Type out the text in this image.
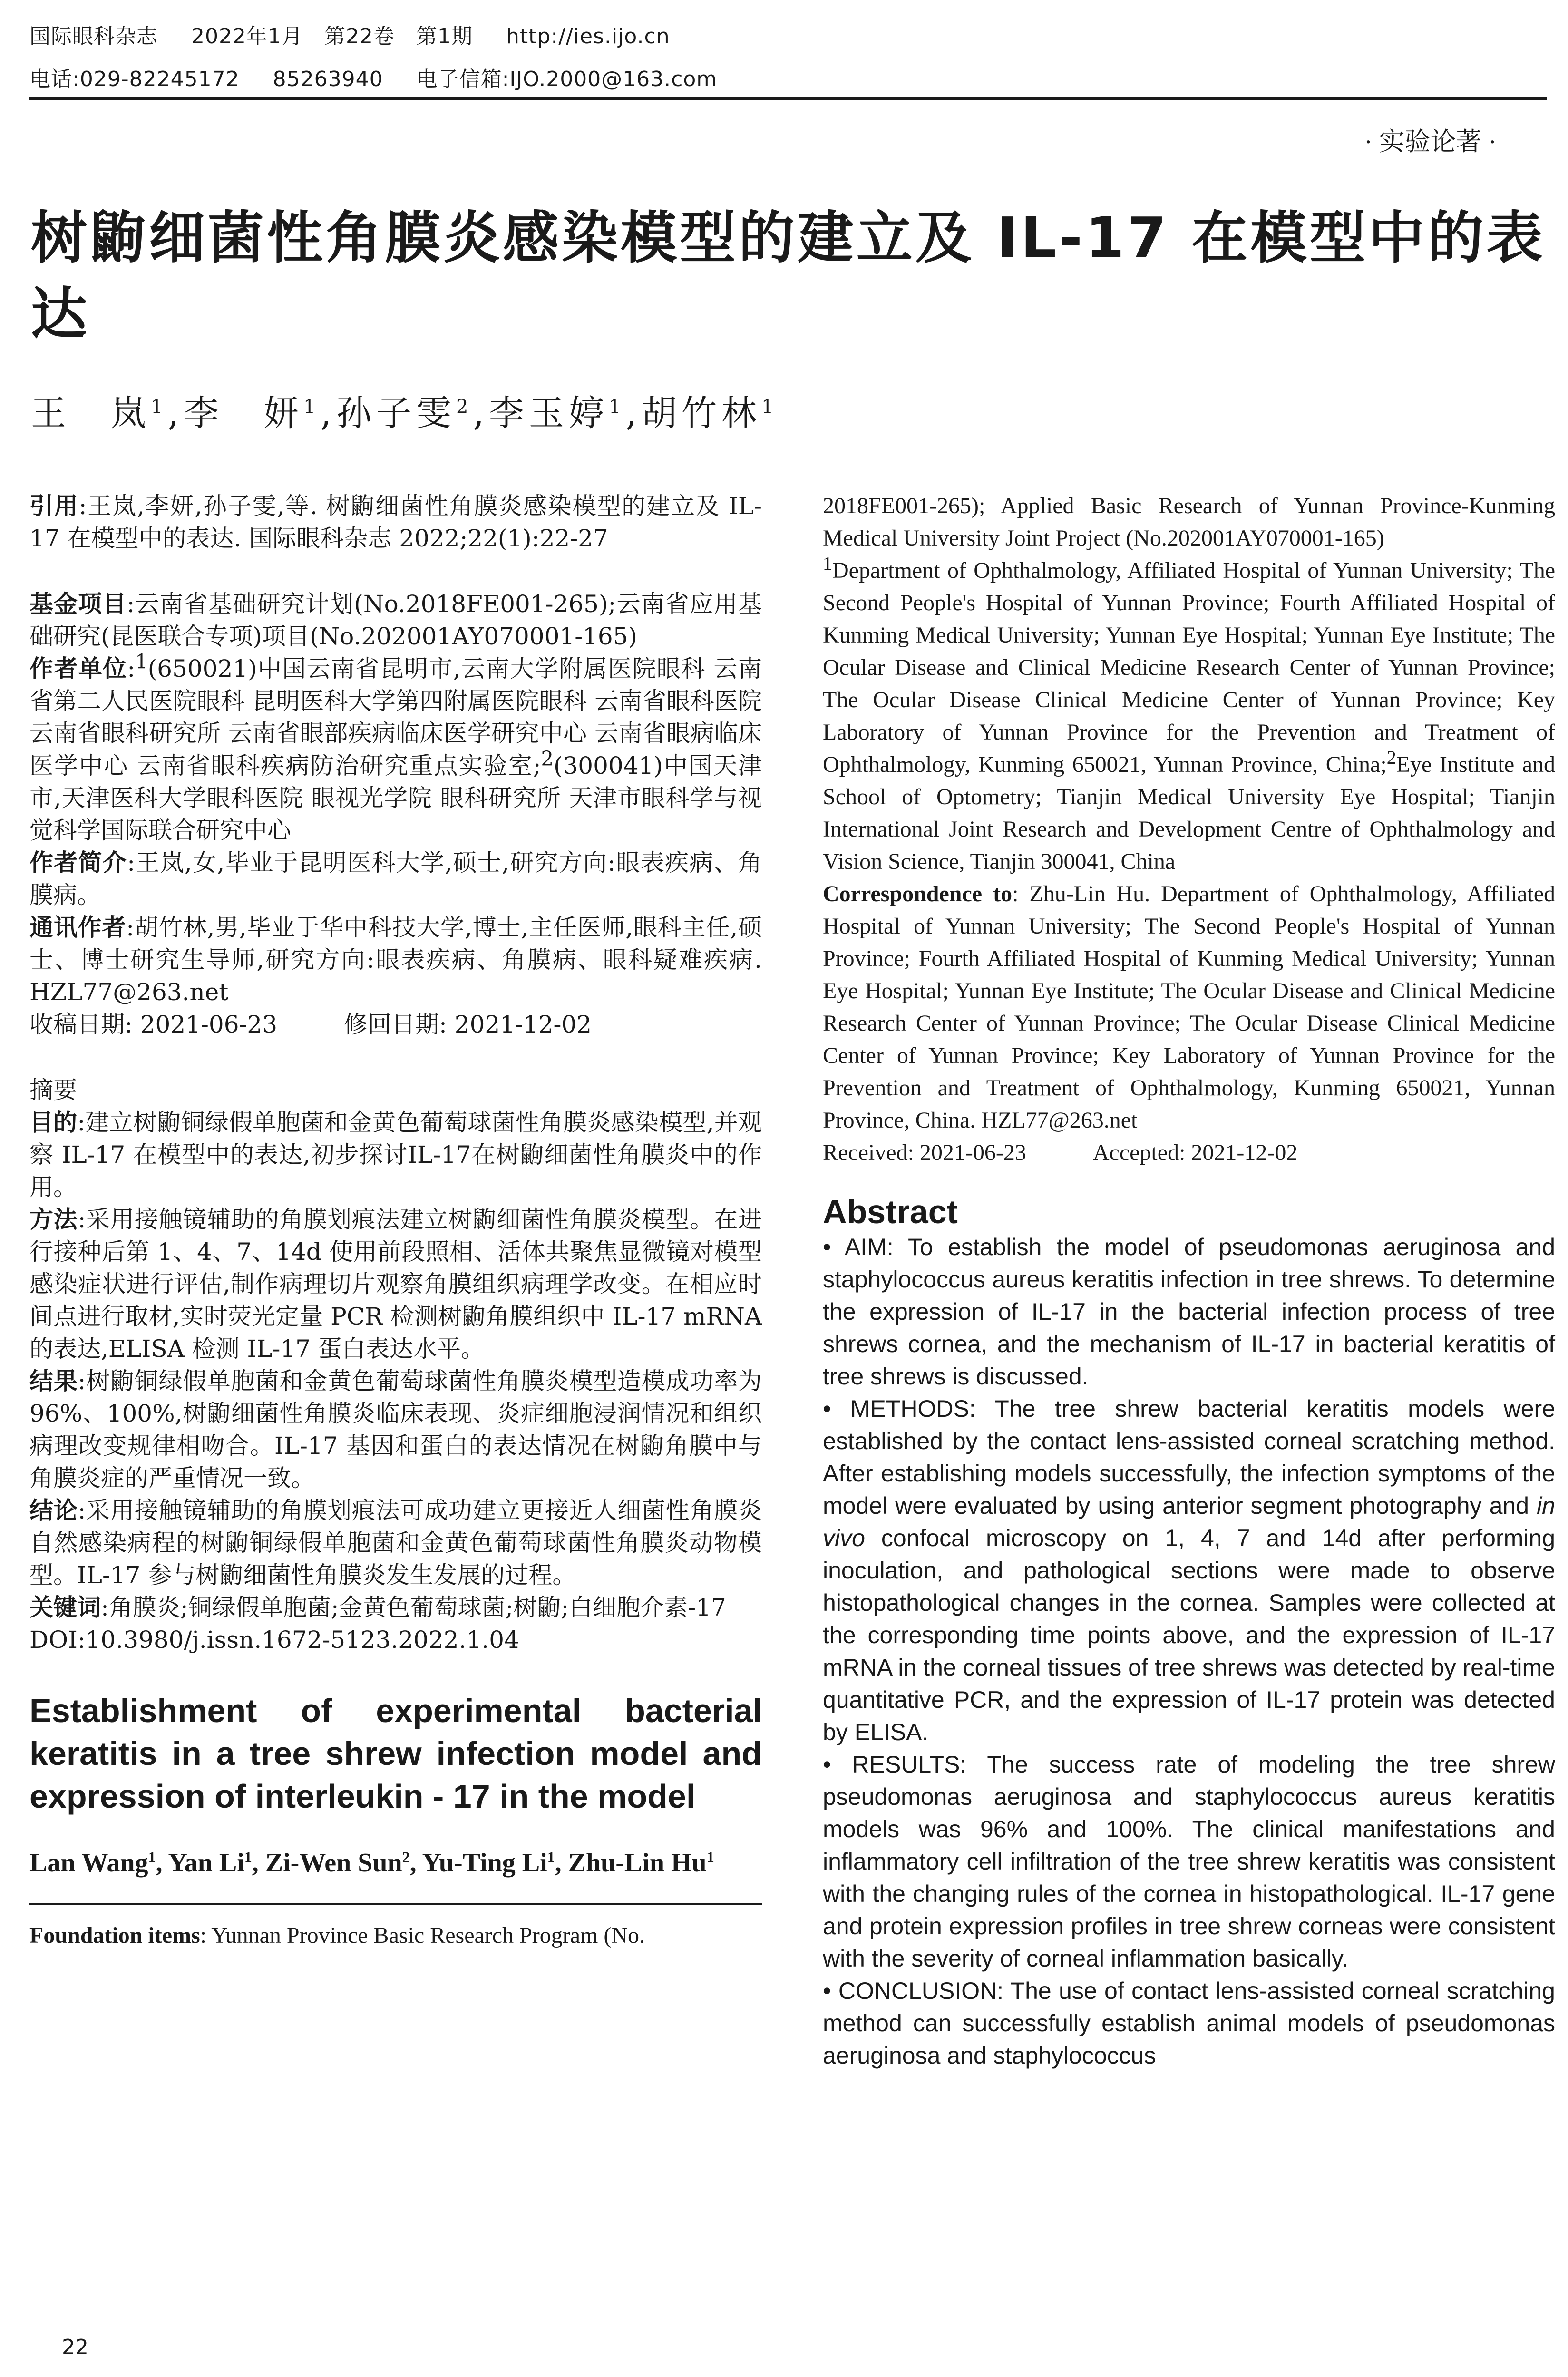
国际眼科杂志 2022年1月　第22卷　第1期 http://ies.ijo.cn
电话:029-82245172 85263940 电子信箱:IJO.2000@163.com
· 实验论著 ·
树鼩细菌性角膜炎感染模型的建立及 IL-17 在模型中的表达
王　岚$^1$,李　妍$^1$,孙子雯$^2$,李玉婷$^1$,胡竹林$^1$
引用:王岚,李妍,孙子雯,等. 树鼩细菌性角膜炎感染模型的建立及 IL-17 在模型中的表达. 国际眼科杂志 2022;22(1):22-27
基金项目:云南省基础研究计划(No.2018FE001-265);云南省应用基础研究(昆医联合专项)项目(No.202001AY070001-165)
作者单位:$^1$(650021)中国云南省昆明市,云南大学附属医院眼科 云南省第二人民医院眼科 昆明医科大学第四附属医院眼科 云南省眼科医院 云南省眼科研究所 云南省眼部疾病临床医学研究中心 云南省眼病临床医学中心 云南省眼科疾病防治研究重点实验室;$^2$(300041)中国天津市,天津医科大学眼科医院 眼视光学院 眼科研究所 天津市眼科学与视觉科学国际联合研究中心
作者简介:王岚,女,毕业于昆明医科大学,硕士,研究方向:眼表疾病、角膜病。
通讯作者:胡竹林,男,毕业于华中科技大学,博士,主任医师,眼科主任,硕士、博士研究生导师,研究方向:眼表疾病、角膜病、眼科疑难疾病. HZL77@263.net
收稿日期: 2021-06-23	修回日期: 2021-12-02
摘要
目的:建立树鼩铜绿假单胞菌和金黄色葡萄球菌性角膜炎感染模型,并观察 IL-17 在模型中的表达,初步探讨IL-17在树鼩细菌性角膜炎中的作用。
方法:采用接触镜辅助的角膜划痕法建立树鼩细菌性角膜炎模型。在进行接种后第 1、4、7、14d 使用前段照相、活体共聚焦显微镜对模型感染症状进行评估,制作病理切片观察角膜组织病理学改变。在相应时间点进行取材,实时荧光定量 PCR 检测树鼩角膜组织中 IL-17 mRNA 的表达,ELISA 检测 IL-17 蛋白表达水平。
结果:树鼩铜绿假单胞菌和金黄色葡萄球菌性角膜炎模型造模成功率为 96%、100%,树鼩细菌性角膜炎临床表现、炎症细胞浸润情况和组织病理改变规律相吻合。IL-17 基因和蛋白的表达情况在树鼩角膜中与角膜炎症的严重情况一致。
结论:采用接触镜辅助的角膜划痕法可成功建立更接近人细菌性角膜炎自然感染病程的树鼩铜绿假单胞菌和金黄色葡萄球菌性角膜炎动物模型。IL-17 参与树鼩细菌性角膜炎发生发展的过程。
关键词:角膜炎;铜绿假单胞菌;金黄色葡萄球菌;树鼩;白细胞介素-17
DOI:10.3980/j.issn.1672-5123.2022.1.04
Establishment of experimental bacterial keratitis in a tree shrew infection model and expression of interleukin - 17 in the model
Lan Wang$^1$, Yan Li$^1$, Zi-Wen Sun$^2$, Yu-Ting Li$^1$, Zhu-Lin Hu$^1$
Foundation items: Yunnan Province Basic Research Program (No.
2018FE001-265); Applied Basic Research of Yunnan Province-Kunming Medical University Joint Project (No.202001AY070001-165)
$^1$Department of Ophthalmology, Affiliated Hospital of Yunnan University; The Second People's Hospital of Yunnan Province; Fourth Affiliated Hospital of Kunming Medical University; Yunnan Eye Hospital; Yunnan Eye Institute; The Ocular Disease and Clinical Medicine Research Center of Yunnan Province; The Ocular Disease Clinical Medicine Center of Yunnan Province; Key Laboratory of Yunnan Province for the Prevention and Treatment of Ophthalmology, Kunming 650021, Yunnan Province, China;$^2$Eye Institute and School of Optometry; Tianjin Medical University Eye Hospital; Tianjin International Joint Research and Development Centre of Ophthalmology and Vision Science, Tianjin 300041, China
Correspondence to: Zhu-Lin Hu. Department of Ophthalmology, Affiliated Hospital of Yunnan University; The Second People's Hospital of Yunnan Province; Fourth Affiliated Hospital of Kunming Medical University; Yunnan Eye Hospital; Yunnan Eye Institute; The Ocular Disease and Clinical Medicine Research Center of Yunnan Province; The Ocular Disease Clinical Medicine Center of Yunnan Province; Key Laboratory of Yunnan Province for the Prevention and Treatment of Ophthalmology, Kunming 650021, Yunnan Province, China. HZL77@263.net
Received: 2021-06-23	Accepted: 2021-12-02
Abstract
• AIM: To establish the model of pseudomonas aeruginosa and staphylococcus aureus keratitis infection in tree shrews. To determine the expression of IL-17 in the bacterial infection process of tree shrews cornea, and the mechanism of IL-17 in bacterial keratitis of tree shrews is discussed.
• METHODS: The tree shrew bacterial keratitis models were established by the contact lens-assisted corneal scratching method. After establishing models successfully, the infection symptoms of the model were evaluated by using anterior segment photography and in vivo confocal microscopy on 1, 4, 7 and 14d after performing inoculation, and pathological sections were made to observe histopathological changes in the cornea. Samples were collected at the corresponding time points above, and the expression of IL-17 mRNA in the corneal tissues of tree shrews was detected by real-time quantitative PCR, and the expression of IL-17 protein was detected by ELISA.
• RESULTS: The success rate of modeling the tree shrew pseudomonas aeruginosa and staphylococcus aureus keratitis models was 96% and 100%. The clinical manifestations and inflammatory cell infiltration of the tree shrew keratitis was consistent with the changing rules of the cornea in histopathological. IL-17 gene and protein expression profiles in tree shrew corneas were consistent with the severity of corneal inflammation basically.
• CONCLUSION: The use of contact lens-assisted corneal scratching method can successfully establish animal models of pseudomonas aeruginosa and staphylococcus
22
